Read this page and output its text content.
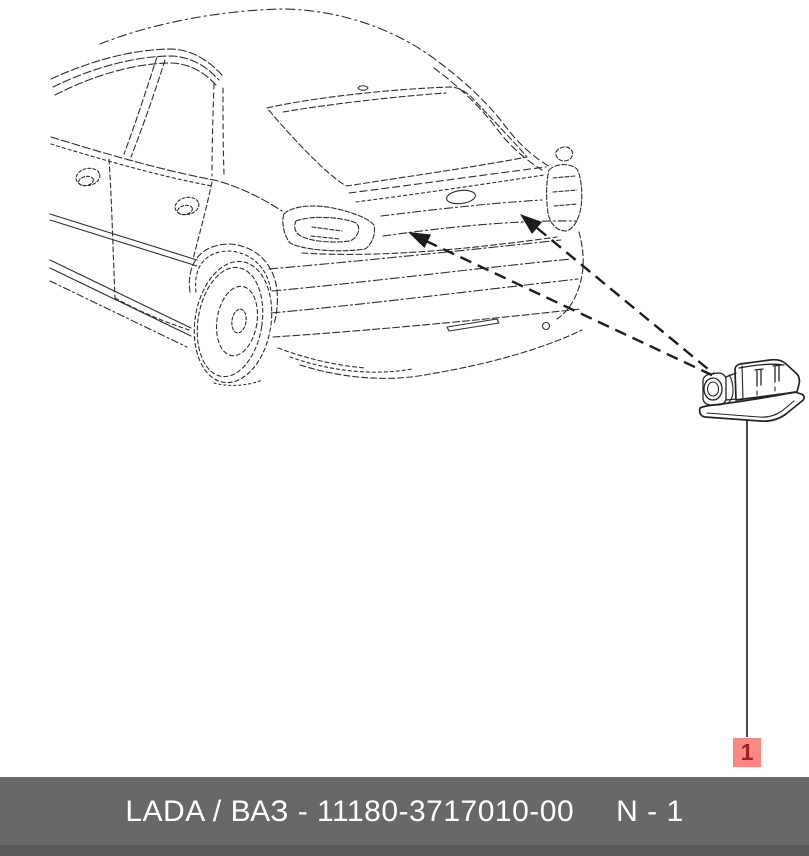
1
LADA / ВАЗ - 11180-3717010-00 N - 1
